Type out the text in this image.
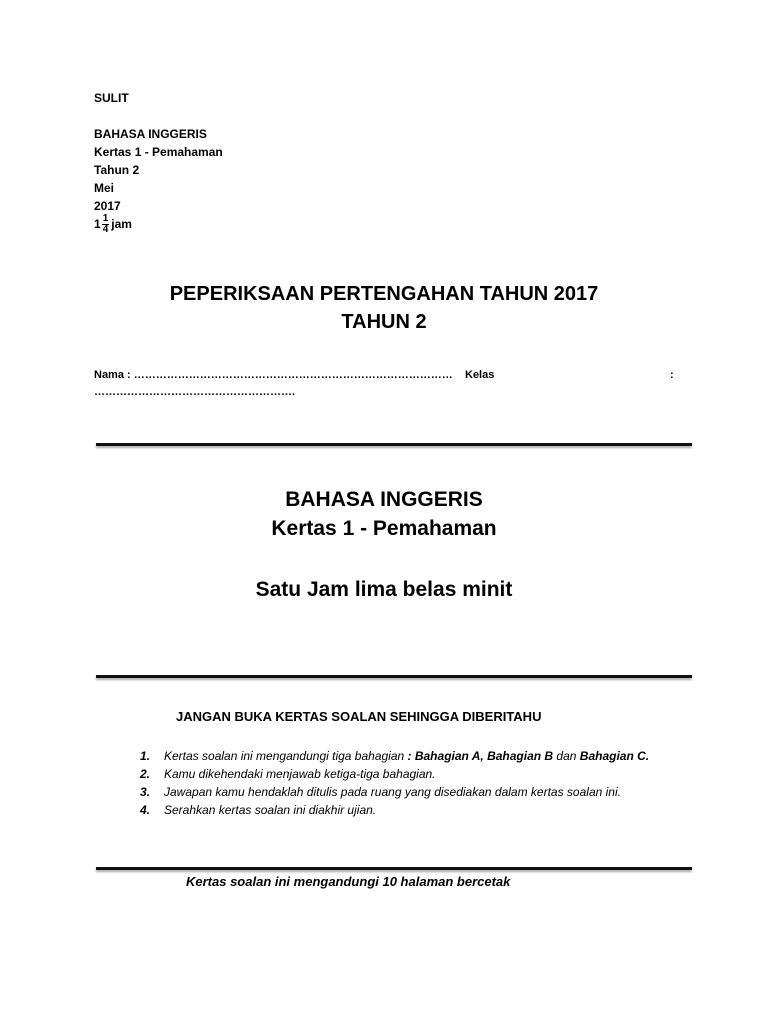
SULIT
BAHASA INGGERIS
Kertas 1 - Pemahaman
Tahun 2
Mei
2017
$1 \frac{1}{4}$ jam
PEPERIKSAAN PERTENGAHAN TAHUN 2017
TAHUN 2
Nama : …………………………………………………………………………… Kelas	:
……………………………………………….
BAHASA INGGERIS
Kertas 1 - Pemahaman
Satu Jam lima belas minit
JANGAN BUKA KERTAS SOALAN SEHINGGA DIBERITAHU
1. Kertas soalan ini mengandungi tiga bahagian : Bahagian A, Bahagian B dan Bahagian C.
2. Kamu dikehendaki menjawab ketiga-tiga bahagian.
3. Jawapan kamu hendaklah ditulis pada ruang yang disediakan dalam kertas soalan ini.
4. Serahkan kertas soalan ini diakhir ujian.
Kertas soalan ini mengandungi 10 halaman bercetak
